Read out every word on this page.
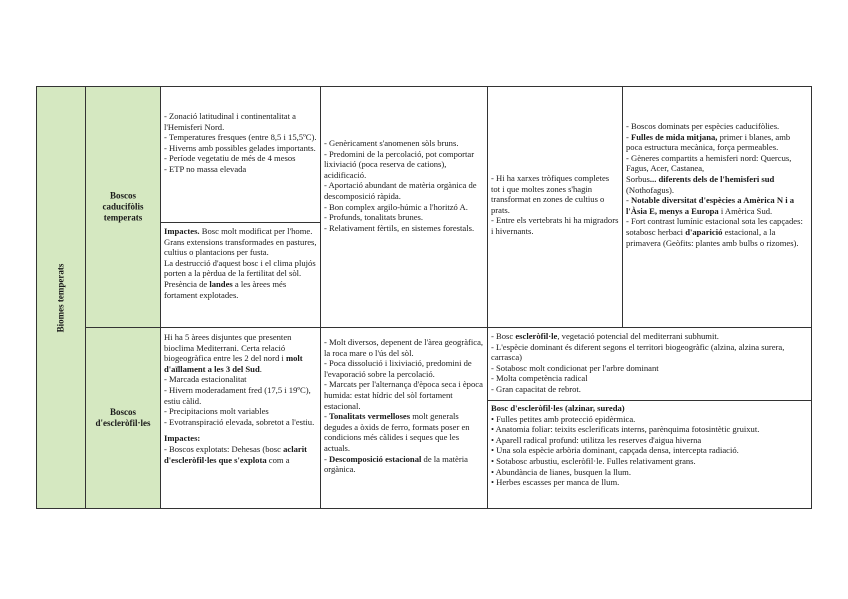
Biomes temperats
Boscos caducifòlis temperats
Boscos d'escleròfil·les
- Zonació latitudinal i continentalitat a l'Hemisferi Nord.
- Temperatures fresques (entre 8,5 i 15,5ºC).
- Hiverns amb possibles gelades importants.
- Període vegetatiu de més de 4 mesos
- ETP no massa elevada
Impactes. Bosc molt modificat per l'home. Grans extensions transformades en pastures, cultius o plantacions per fusta.
La destrucció d'aquest bosc i el clima plujós porten a la pèrdua de la fertilitat del sòl.
Presència de landes a les àrees més fortament explotades.
- Genèricament s'anomenen sòls bruns.
- Predomini de la percolació, pot comportar lixiviació (poca reserva de cations), acidificació.
- Aportació abundant de matèria orgànica de descomposició ràpida.
- Bon complex argilo-húmic a l'horitzó A.
- Profunds, tonalitats brunes.
- Relativament fèrtils, en sistemes forestals.
- Hi ha xarxes tròfiques completes tot i que moltes zones s'hagin transformat en zones de cultius o prats.
- Entre els vertebrats hi ha migradors i hivernants.
- Boscos dominats per espècies caducifòlies.
- Fulles de mida mitjana, primer i blanes, amb poca estructura mecànica, força permeables.
- Gèneres compartits a hemisferi nord: Quercus, Fagus, Acer, Castanea,
Sorbus... diferents dels de l'hemisferi sud (Nothofagus).
- Notable diversitat d'espècies a Amèrica N i a l'Àsia E, menys a Europa i Amèrica Sud.
- Fort contrast lumínic estacional sota les capçades: sotabosc herbaci d'aparició estacional, a la primavera (Geòfits: plantes amb bulbs o rizomes).
Hi ha 5 àrees disjuntes que presenten bioclima Mediterrani. Certa relació biogeogràfica entre les 2 del nord i molt d'aïllament a les 3 del Sud.
- Marcada estacionalitat
- Hivern moderadament fred (17,5 i 19ºC), estiu càlid.
- Precipitacions molt variables
- Evotranspiració elevada, sobretot a l'estiu.
Impactes:
- Boscos explotats: Dehesas (bosc aclarit d'escleròfil·les que s'explota com a
- Molt diversos, depenent de l'àrea geogràfica, la roca mare o l'ús del sòl.
- Poca dissolució i lixiviació, predomini de l'evaporació sobre la percolació.
- Marcats per l'alternança d'època seca i època humida: estat hídric del sòl fortament estacional.
- Tonalitats vermelloses molt generals degudes a òxids de ferro, formats poser en condicions més càlides i seques que les actuals.
- Descomposició estacional de la matèria orgànica.
- Bosc escleròfil·le, vegetació potencial del mediterrani subhumit.
- L'espècie dominant és diferent segons el territori biogeogràfic (alzina, alzina surera, carrasca)
- Sotabosc molt condicionat per l'arbre dominant
- Molta competència radical
- Gran capacitat de rebrot.
Bosc d'escleròfil·les (alzinar, sureda)
• Fulles petites amb protecció epidèrmica.
• Anatomia foliar: teixits esclerificats interns, parènquima fotosintètic gruixut.
• Aparell radical profund: utilitza les reserves d'aigua hiverna
• Una sola espècie arbòria dominant, capçada densa, intercepta radiació.
• Sotabosc arbustiu, escleròfil·le. Fulles relativament grans.
• Abundància de lianes, busquen la llum.
• Herbes escasses per manca de llum.
